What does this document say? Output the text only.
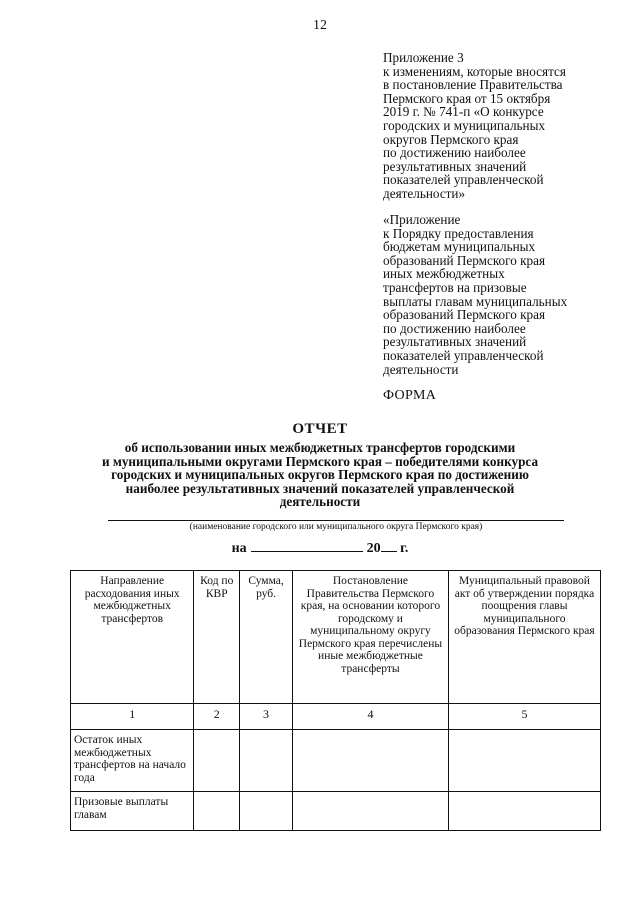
12
Приложение 3
к изменениям, которые вносятся
в постановление Правительства
Пермского края от 15 октября
2019 г. № 741-п «О конкурсе
городских и муниципальных
округов Пермского края
по достижению наиболее
результативных значений
показателей управленческой
деятельности»
«Приложение
к Порядку предоставления
бюджетам муниципальных
образований Пермского края
иных межбюджетных
трансфертов на призовые
выплаты главам муниципальных
образований Пермского края
по достижению наиболее
результативных значений
показателей управленческой
деятельности
ФОРМА
ОТЧЕТ
об использовании иных межбюджетных трансфертов городскими
и муниципальными округами Пермского края – победителями конкурса
городских и муниципальных округов Пермского края по достижению
наиболее результативных значений показателей управленческой
деятельности
(наименование городского или муниципального округа Пермского края)
на	20 г.
Направление расходования иных межбюджетных трансфертов	Код по КВР	Сумма, руб.	Постановление Правительства Пермского края, на основании которого городскому и муниципальному округу Пермского края перечислены иные межбюджетные трансферты	Муниципальный правовой акт об утверждении порядка поощрения главы муниципального образования Пермского края
1	2	3	4	5
Остаток иных межбюджетных трансфертов на начало года				
Призовые выплаты главам				
